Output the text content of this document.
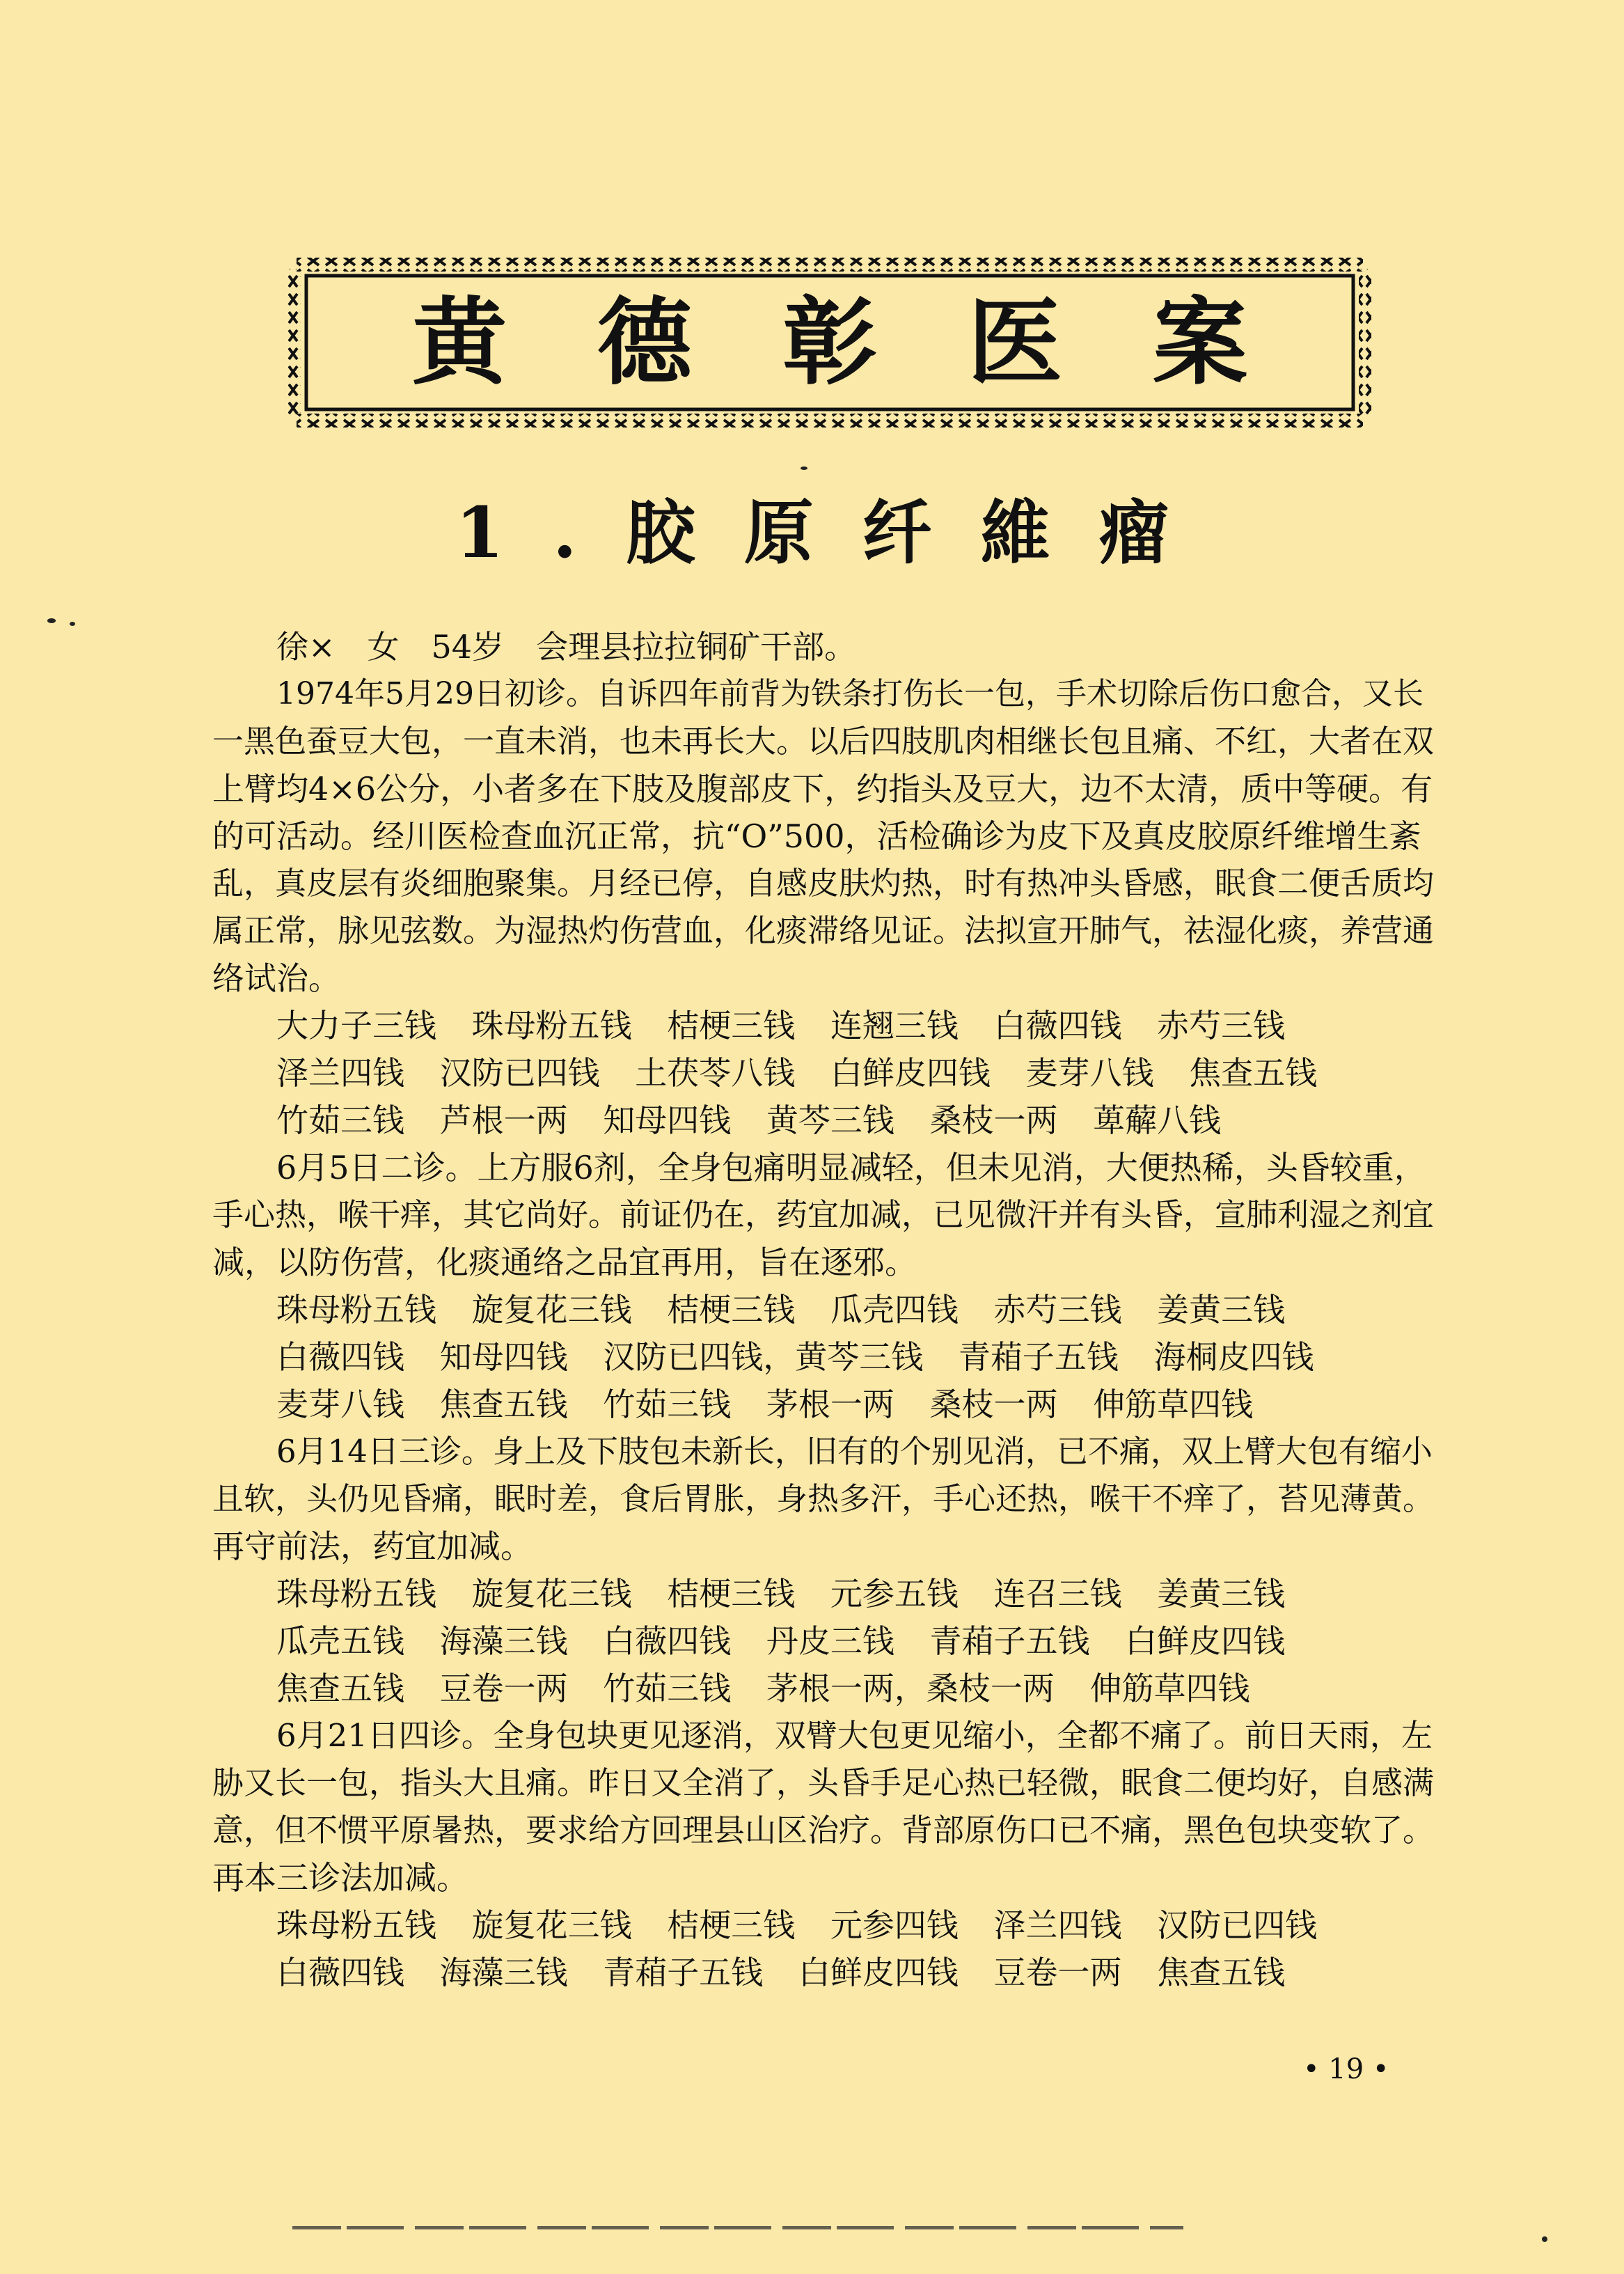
黄德彰医案
1.胶原纤維瘤
徐×　女　54岁　会理县拉拉铜矿干部。
1974年5月29日初诊。自诉四年前背为铁条打伤长一包，手术切除后伤口愈合，又长
一黑色蚕豆大包，一直未消，也未再长大。以后四肢肌肉相继长包且痛、不红，大者在双
上臂均4×6公分，小者多在下肢及腹部皮下，约指头及豆大，边不太清，质中等硬。有
的可活动。经川医检查血沉正常，抗“O”500，活检确诊为皮下及真皮胶原纤维增生紊
乱，真皮层有炎细胞聚集。月经已停，自感皮肤灼热，时有热冲头昏感，眠食二便舌质均
属正常，脉见弦数。为湿热灼伤营血，化痰滞络见证。法拟宣开肺气，祛湿化痰，养营通
络试治。
大力子三钱 珠母粉五钱 桔梗三钱 连翘三钱 白薇四钱 赤芍三钱
泽兰四钱 汉防已四钱 土茯苓八钱 白鲜皮四钱 麦芽八钱 焦查五钱
竹茹三钱 芦根一两 知母四钱 黄芩三钱 桑枝一两 萆薢八钱
6月5日二诊。上方服6剂，全身包痛明显减轻，但未见消，大便热稀，头昏较重，
手心热，喉干痒，其它尚好。前证仍在，药宜加减，已见微汗并有头昏，宣肺利湿之剂宜
减，以防伤营，化痰通络之品宜再用，旨在逐邪。
珠母粉五钱 旋复花三钱 桔梗三钱 瓜壳四钱 赤芍三钱 姜黄三钱
白薇四钱 知母四钱 汉防已四钱，黄芩三钱 青葙子五钱 海桐皮四钱
麦芽八钱 焦查五钱 竹茹三钱 茅根一两 桑枝一两 伸筋草四钱
6月14日三诊。身上及下肢包未新长，旧有的个别见消，已不痛，双上臂大包有缩小
且软，头仍见昏痛，眠时差，食后胃胀，身热多汗，手心还热，喉干不痒了，苔见薄黄。
再守前法，药宜加减。
珠母粉五钱 旋复花三钱 桔梗三钱 元参五钱 连召三钱 姜黄三钱
瓜壳五钱 海藻三钱 白薇四钱 丹皮三钱 青葙子五钱 白鲜皮四钱
焦查五钱 豆卷一两 竹茹三钱 茅根一两，桑枝一两 伸筋草四钱
6月21日四诊。全身包块更见逐消，双臂大包更见缩小，全都不痛了。前日天雨，左
胁又长一包，指头大且痛。昨日又全消了，头昏手足心热已轻微，眠食二便均好，自感满
意，但不惯平原暑热，要求给方回理县山区治疗。背部原伤口已不痛，黑色包块变软了。
再本三诊法加减。
珠母粉五钱 旋复花三钱 桔梗三钱 元参四钱 泽兰四钱 汉防已四钱
白薇四钱 海藻三钱 青葙子五钱 白鲜皮四钱 豆卷一两 焦查五钱
• 19 •
